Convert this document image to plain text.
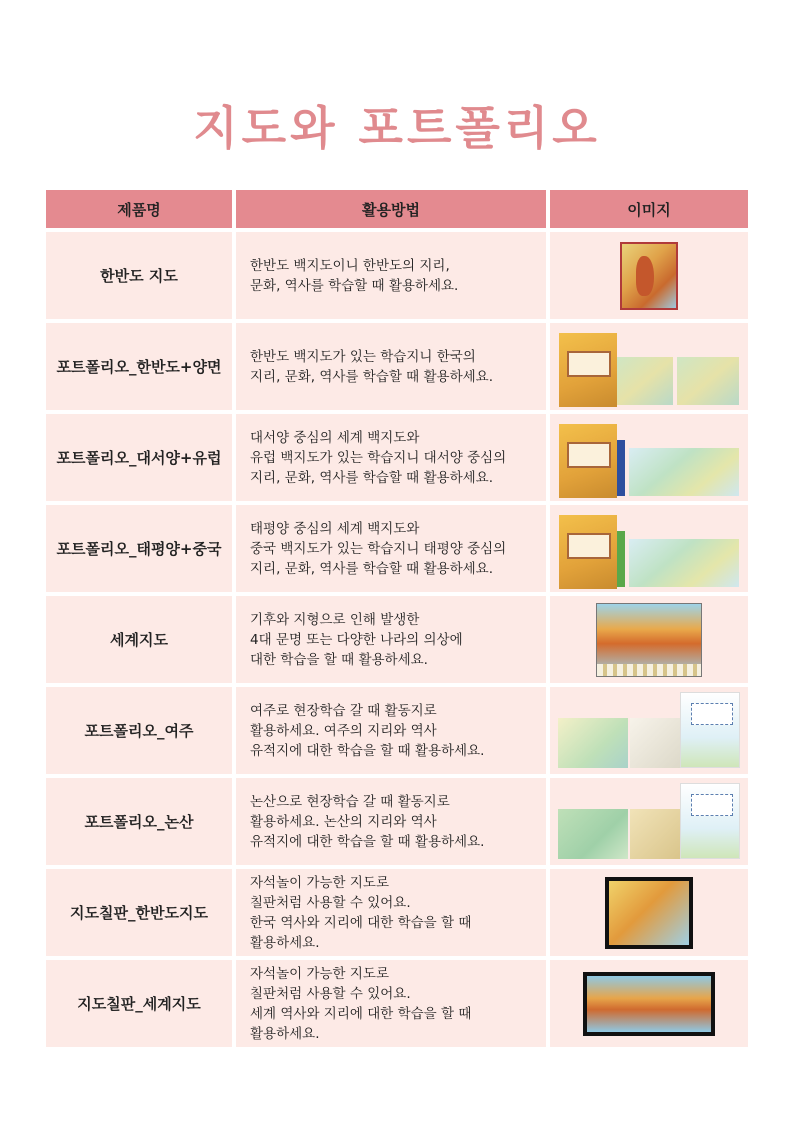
지도와 포트폴리오
제품명	활용방법	이미지
한반도 지도	한반도 백지도이니 한반도의 지리,
문화, 역사를 학습할 때 활용하세요.	
포트폴리오_한반도+양면	한반도 백지도가 있는 학습지니 한국의
지리, 문화, 역사를 학습할 때 활용하세요.	

포트폴리오_대서양+유럽	대서양 중심의 세계 백지도와
유럽 백지도가 있는 학습지니 대서양 중심의
지리, 문화, 역사를 학습할 때 활용하세요.	

포트폴리오_태평양+중국	태평양 중심의 세계 백지도와
중국 백지도가 있는 학습지니 태평양 중심의
지리, 문화, 역사를 학습할 때 활용하세요.	

세계지도	기후와 지형으로 인해 발생한
4대 문명 또는 다양한 나라의 의상에
대한 학습을 할 때 활용하세요.	
포트폴리오_여주	여주로 현장학습 갈 때 활동지로
활용하세요. 여주의 지리와 역사
유적지에 대한 학습을 할 때 활용하세요.	

포트폴리오_논산	논산으로 현장학습 갈 때 활동지로
활용하세요. 논산의 지리와 역사
유적지에 대한 학습을 할 때 활용하세요.	

지도칠판_한반도지도	자석놀이 가능한 지도로
칠판처럼 사용할 수 있어요.
한국 역사와 지리에 대한 학습을 할 때
활용하세요.	
지도칠판_세계지도	자석놀이 가능한 지도로
칠판처럼 사용할 수 있어요.
세계 역사와 지리에 대한 학습을 할 때
활용하세요.	
